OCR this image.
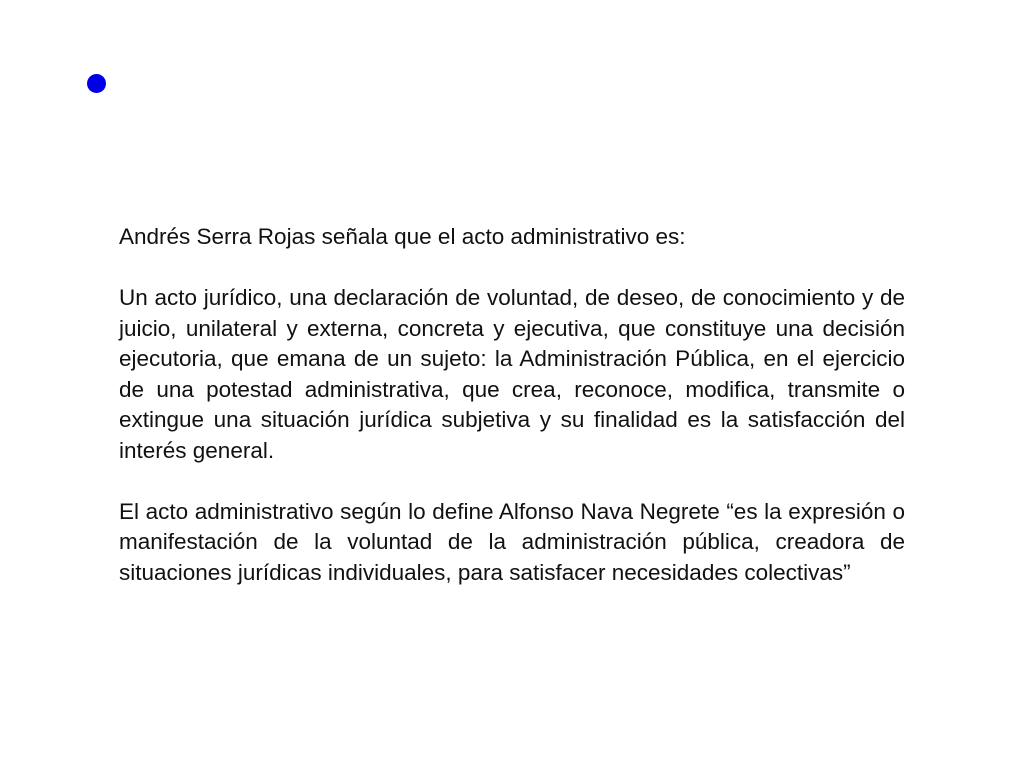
Andrés Serra Rojas señala que el acto administrativo es:

Un acto jurídico, una declaración de voluntad, de deseo, de conocimiento y de juicio, unilateral y externa, concreta y ejecutiva, que constituye una decisión ejecutoria, que emana de un sujeto: la Administración Pública, en el ejercicio de una potestad administrativa, que crea, reconoce, modifica, transmite o extingue una situación jurídica subjetiva y su finalidad es la satisfacción del interés general.

El acto administrativo según lo define Alfonso Nava Negrete “es la expresión o manifestación de la voluntad de la administración pública, creadora de situaciones jurídicas individuales, para satisfacer necesidades colectivas”
